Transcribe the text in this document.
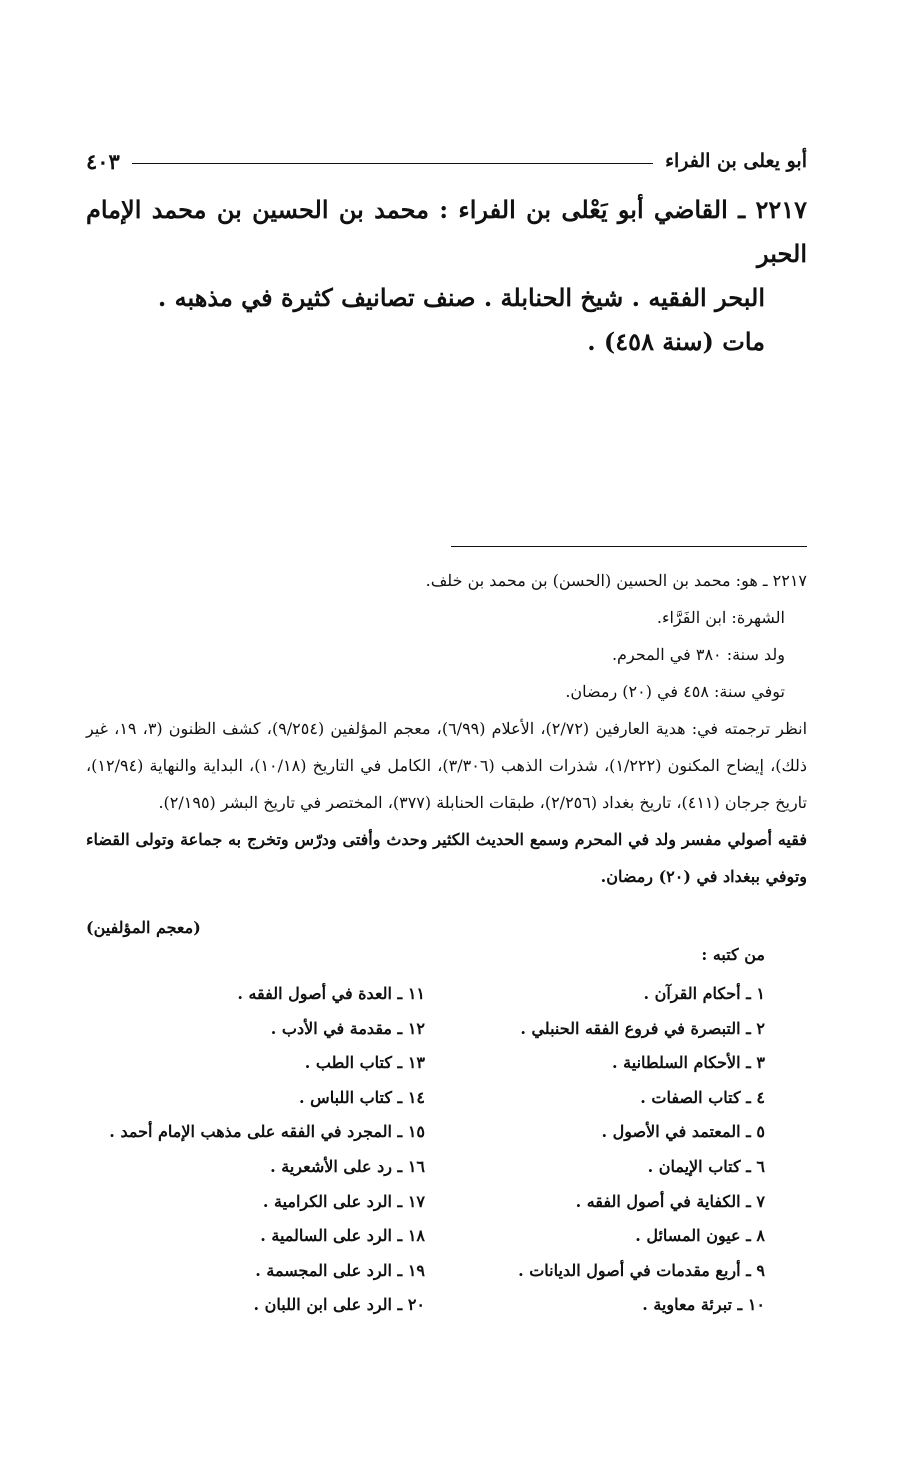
أبو يعلى بن الفراء
٤٠٣

٢٢١٧ ـ القاضي أبو يَعْلى بن الفراء : محمد بن الحسين بن محمد الإمام الحبر

البحر الفقيه . شيخ الحنابلة . صنف تصانيف كثيرة في مذهبه .

مات (سنة ٤٥٨) .

٢٢١٧ ـ هو: محمد بن الحسين (الحسن) بن محمد بن خلف.

الشهرة: ابن الفَرَّاء.

ولد سنة: ٣٨٠ في المحرم.

توفي سنة: ٤٥٨ في (٢٠) رمضان.

انظر ترجمته في: هدية العارفين (٢/٧٢)، الأعلام (٦/٩٩)، معجم المؤلفين (٩/٢٥٤)، كشف الظنون (٣، ١٩، غير ذلك)، إيضاح المكنون (١/٢٢٢)، شذرات الذهب (٣/٣٠٦)، الكامل في التاريخ (١٠/١٨)، البداية والنهاية (١٢/٩٤)، تاريخ جرجان (٤١١)، تاريخ بغداد (٢/٢٥٦)، طبقات الحنابلة (٣٧٧)، المختصر في تاريخ البشر (٢/١٩٥).

فقيه أصولي مفسر ولد في المحرم وسمع الحديث الكثير وحدث وأفتى ودرّس وتخرج به جماعة وتولى القضاء وتوفي ببغداد في (٢٠) رمضان.

(معجم المؤلفين)
من كتبه :
١ ـ أحكام القرآن .
٢ ـ التبصرة في فروع الفقه الحنبلي .
٣ ـ الأحكام السلطانية .
٤ ـ كتاب الصفات .
٥ ـ المعتمد في الأصول .
٦ ـ كتاب الإيمان .
٧ ـ الكفاية في أصول الفقه .
٨ ـ عيون المسائل .
٩ ـ أربع مقدمات في أصول الديانات .
١٠ ـ تبرئة معاوية .
١١ ـ العدة في أصول الفقه .
١٢ ـ مقدمة في الأدب .
١٣ ـ كتاب الطب .
١٤ ـ كتاب اللباس .
١٥ ـ المجرد في الفقه على مذهب الإمام أحمد .
١٦ ـ رد على الأشعرية .
١٧ ـ الرد على الكرامية .
١٨ ـ الرد على السالمية .
١٩ ـ الرد على المجسمة .
٢٠ ـ الرد على ابن اللبان .
